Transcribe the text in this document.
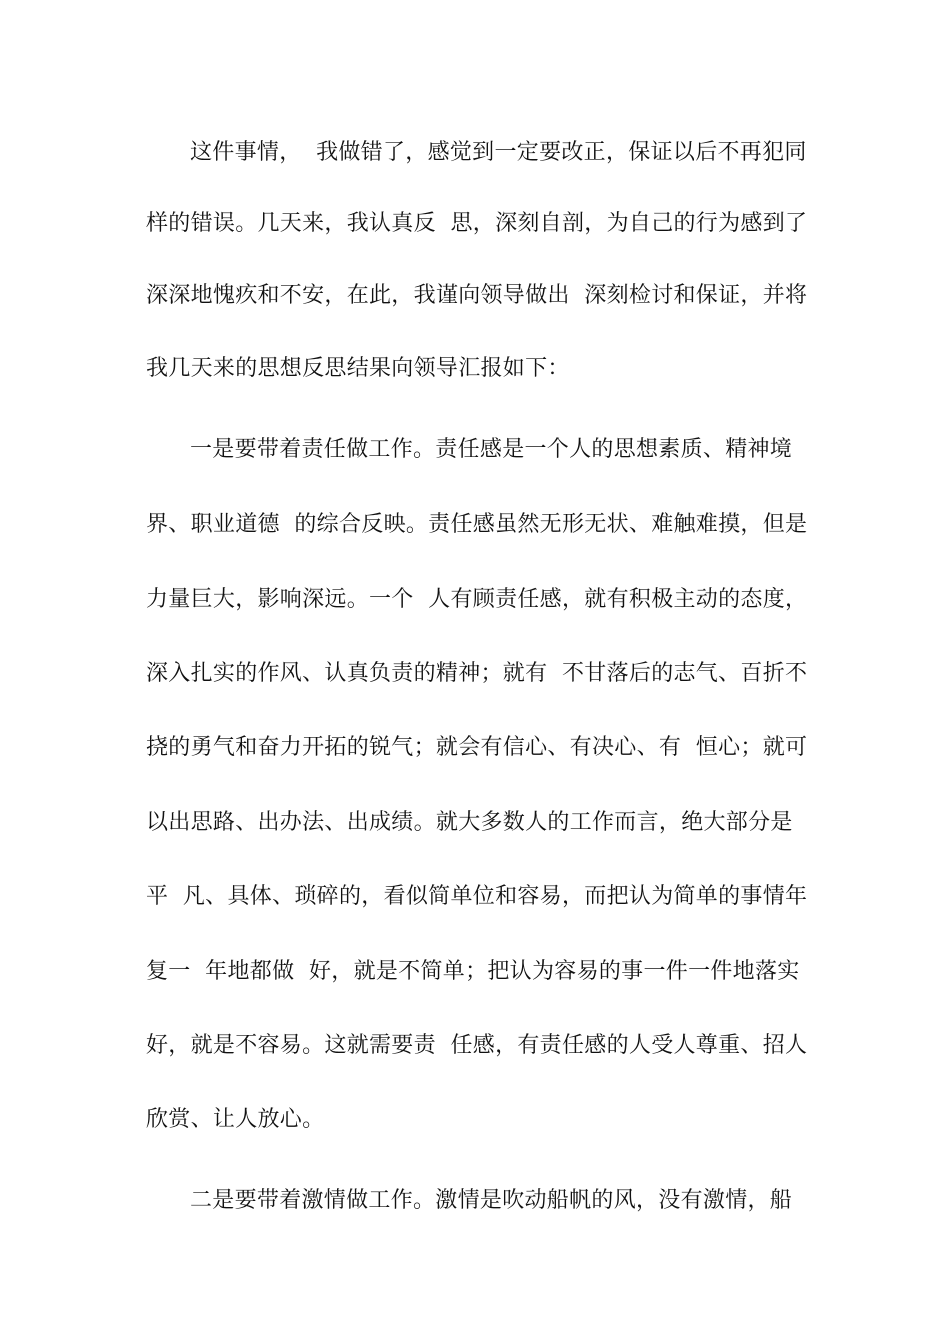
这件事情，  我做错了，感觉到一定要改正，保证以后不再犯同
样的错误。几天来，我认真反  思，深刻自剖，为自己的行为感到了
深深地愧疚和不安，在此，我谨向领导做出  深刻检讨和保证，并将
我几天来的思想反思结果向领导汇报如下：
一是要带着责任做工作。责任感是一个人的思想素质、精神境
界、职业道德  的综合反映。责任感虽然无形无状、难触难摸，但是
力量巨大，影响深远。一个  人有顾责任感，就有积极主动的态度，
深入扎实的作风、认真负责的精神；就有  不甘落后的志气、百折不
挠的勇气和奋力开拓的锐气；就会有信心、有决心、有  恒心；就可
以出思路、出办法、出成绩。就大多数人的工作而言，绝大部分是
平  凡、具体、琐碎的，看似简单位和容易，而把认为简单的事情年
复一  年地都做  好，就是不简单；把认为容易的事一件一件地落实
好，就是不容易。这就需要责  任感，有责任感的人受人尊重、招人
欣赏、让人放心。
二是要带着激情做工作。激情是吹动船帆的风，没有激情，船
